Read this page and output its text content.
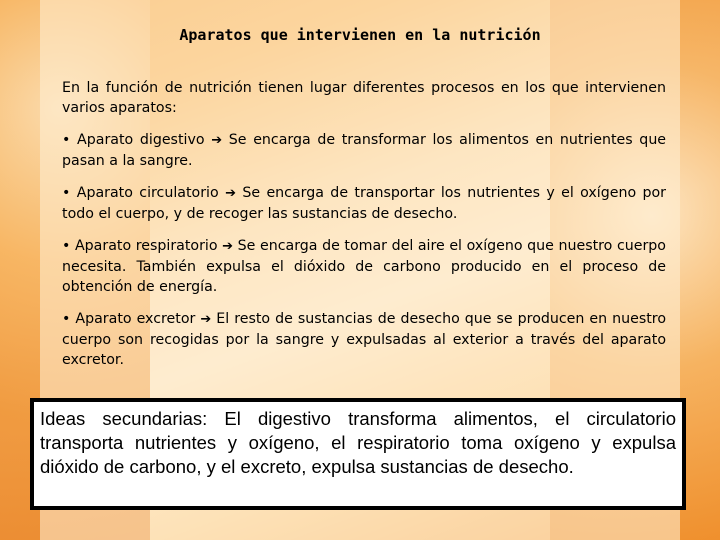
Aparatos que intervienen en la nutrición

En la función de nutrición tienen lugar diferentes procesos en los que intervienen varios aparatos:

• Aparato digestivo ➔ Se encarga de transformar los alimentos en nutrientes que pasan a la sangre.

• Aparato circulatorio ➔ Se encarga de transportar los nutrientes y el oxígeno por todo el cuerpo, y de recoger las sustancias de desecho.

• Aparato respiratorio ➔ Se encarga de tomar del aire el oxígeno que nuestro cuerpo necesita. También expulsa el dióxido de carbono producido en el proceso de obtención de energía.

• Aparato excretor ➔ El resto de sustancias de desecho que se producen en nuestro cuerpo son recogidas por la sangre y expulsadas al exterior a través del aparato excretor.

Ideas secundarias: El digestivo transforma alimentos, el circulatorio transporta nutrientes y oxígeno, el respiratorio toma oxígeno y expulsa dióxido de carbono, y el excreto, expulsa sustancias de desecho.
